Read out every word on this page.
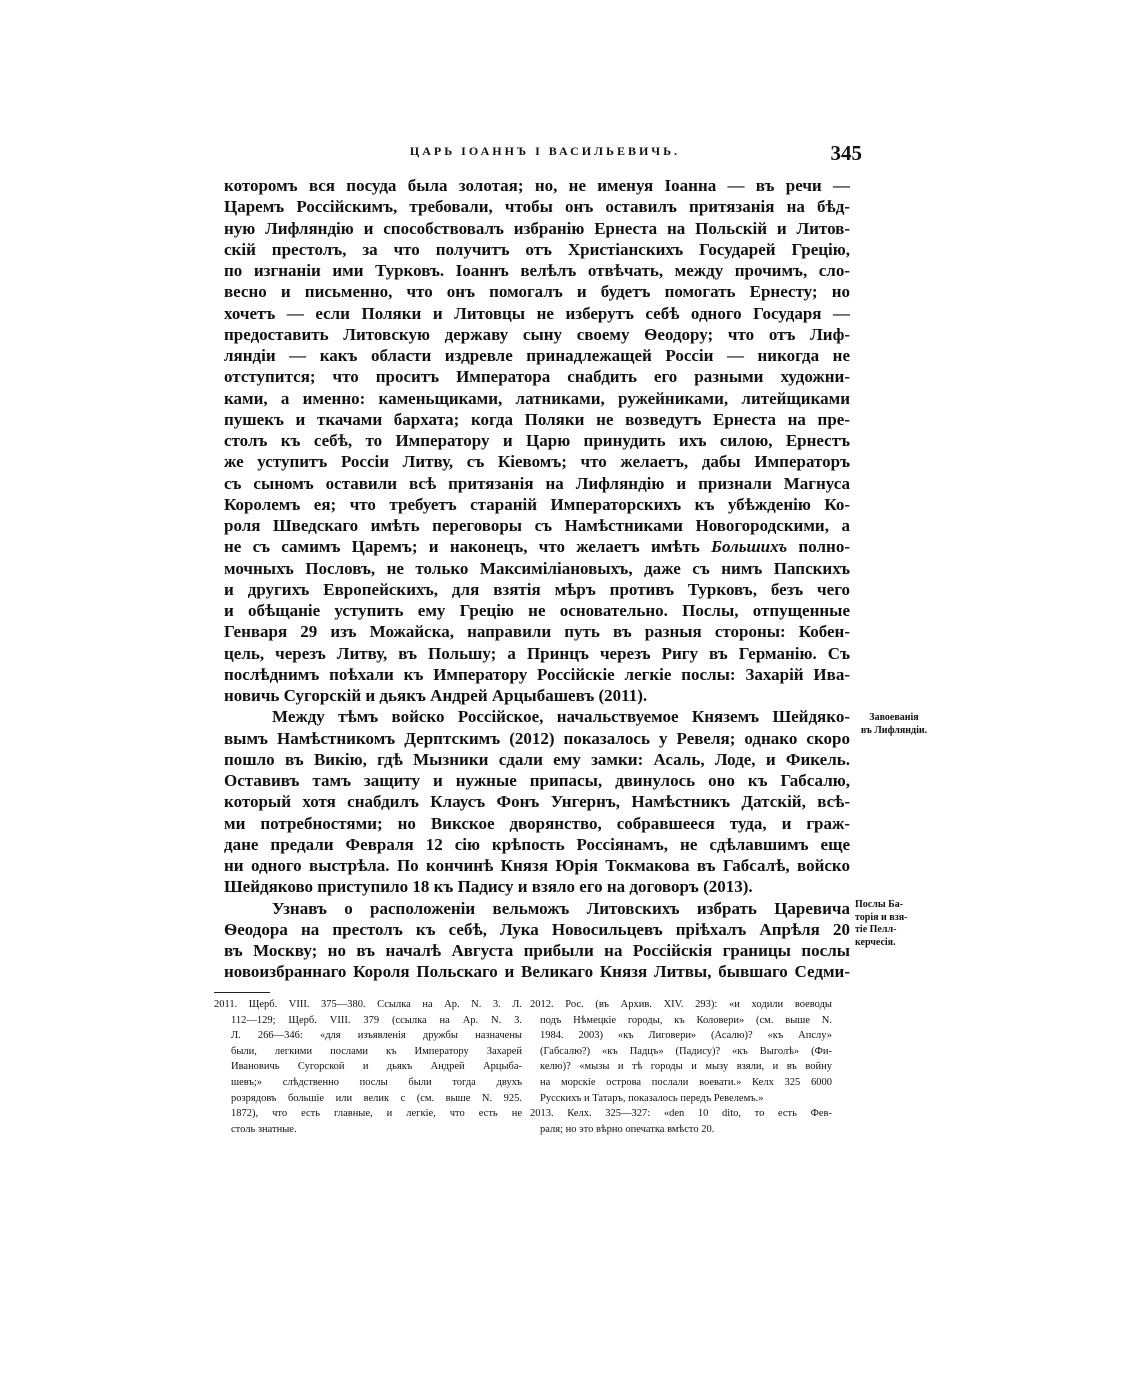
ЦАРЬ ІОАННЪ І ВАСИЛЬЕВИЧЬ.	345
которомъ вся посуда была золотая; но, не именуя Іоанна — въ речи —
Царемъ Россійскимъ, требовали, чтобы онъ оставилъ притязанія на бѣд-
ную Лифляндію и способствовалъ избранію Ернеста на Польскій и Литов-
скій престолъ, за что получитъ отъ Христіанскихъ Государей Грецію,
по изгнаніи ими Турковъ. Іоаннъ велѣлъ отвѣчать, между прочимъ, сло-
весно и письменно, что онъ помогалъ и будетъ помогать Ернесту; но
хочетъ — если Поляки и Литовцы не изберутъ себѣ одного Государя —
предоставить Литовскую державу сыну своему Ѳеодору; что отъ Лиф-
ляндіи — какъ области издревле принадлежащей Россіи — никогда не
отступится; что проситъ Императора снабдить его разными художни-
ками, а именно: каменьщиками, латниками, ружейниками, литейщиками
пушекъ и ткачами бархата; когда Поляки не возведутъ Ернеста на пре-
столъ къ себѣ, то Императору и Царю принудить ихъ силою, Ернестъ
же уступитъ Россіи Литву, съ Кіевомъ; что желаетъ, дабы Императоръ
съ сыномъ оставили всѣ притязанія на Лифляндію и признали Магнуса
Королемъ ея; что требуетъ стараній Императорскихъ къ убѣжденію Ко-
роля Шведскаго имѣть переговоры съ Намѣстниками Новогородскими, а
не съ самимъ Царемъ; и наконецъ, что желаетъ имѣть Большихъ полно-
мочныхъ Пословъ, не только Максиміліановыхъ, даже съ нимъ Папскихъ
и другихъ Европейскихъ, для взятія мѣръ противъ Турковъ, безъ чего
и обѣщаніе уступить ему Грецію не основательно. Послы, отпущенные
Генваря 29 изъ Можайска, направили путь въ разныя стороны: Кобен-
цель, черезъ Литву, въ Польшу; а Принцъ черезъ Ригу въ Германію. Съ
послѣднимъ поѣхали къ Императору Россійскіе легкіе послы: Захарій Ива-
новичь Сугорскій и дьякъ Андрей Арцыбашевъ (2011).
Между тѣмъ войско Россійское, начальствуемое Княземъ Шейдяко-
вымъ Намѣстникомъ Дерптскимъ (2012) показалось у Ревеля; однако скоро
пошло въ Викію, гдѣ Мызники сдали ему замки: Асаль, Лоде, и Фикель.
Оставивъ тамъ защиту и нужные припасы, двинулось оно къ Габсалю,
который хотя снабдилъ Клаусъ Фонъ Унгернъ, Намѣстникъ Датскій, всѣ-
ми потребностями; но Викское дворянство, собравшееся туда, и граж-
дане предали Февраля 12 сію крѣпость Россіянамъ, не сдѣлавшимъ еще
ни одного выстрѣла. По кончинѣ Князя Юрія Токмакова въ Габсалѣ, войско
Шейдяково приступило 18 къ Падису и взяло его на договоръ (2013).
Узнавъ о расположеніи вельможъ Литовскихъ избрать Царевича
Ѳеодора на престолъ къ себѣ, Лука Новосильцевъ пріѣхалъ Апрѣля 20
въ Москву; но въ началѣ Августа прибыли на Россійскія границы послы
новоизбраннаго Короля Польскаго и Великаго Князя Литвы, бывшаго Седми-
Завоеванія
въ Лифляндіи.
Послы Ба-
торія и взя-
тіе Пелл-
керчесія.
2011. Щерб. VIII. 375—380. Ссылка на Ар. N. 3. Л.
112—129; Щерб. VIII. 379 (ссылка на Ар. N. 3.
Л. 266—346: «для изъявленія дружбы назначены
были, легкими послами къ Императору Захарей
Ивановичь Сугорской и дьякъ Андрей Арцыба-
шевъ;» слѣдственно послы были тогда двухъ
розрядовъ большіе или велик с (см. выше N. 925.
1872), что есть главные, и легкіе, что есть не
столь знатные.
2012. Рос. (въ Архив. XIV. 293): «и ходили воеводы
подъ Нѣмецкіе городы, къ Коловери» (см. выше N.
1984. 2003) «къ Лиговери» (Асалю)? «къ Апслу»
(Габсалю?) «къ Падцъ» (Падису)? «къ Выголѣ» (Фи-
келю)? «мызы и тѣ городы и мызу взяли, и въ войну
на морскіе острова послали воевати.» Келх 325 6000
Русскихъ и Татаръ, показалось передъ Ревелемъ.»
2013. Келх. 325—327: «den 10 dito, то есть Фев-
раля; но это вѣрно опечатка вмѣсто 20.
